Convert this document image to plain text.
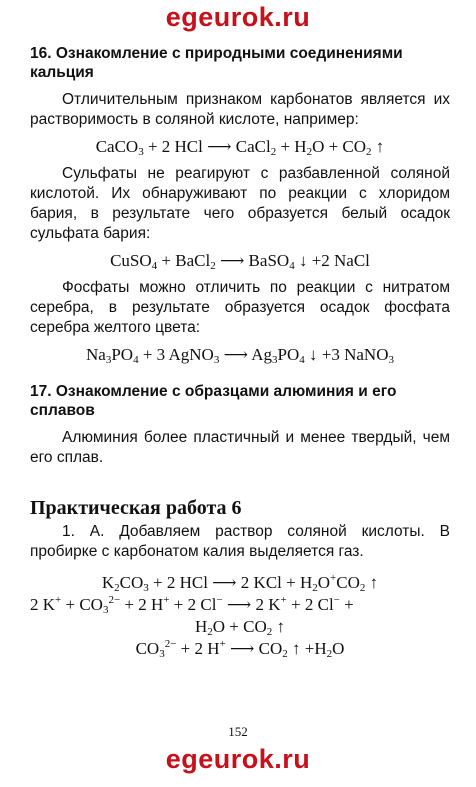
egeurok.ru

16. Ознакомление с природными соединениями кальция

Отличительным признаком карбонатов является их растворимость в соляной кислоте, например:

CaCO$_3$ + 2 HCl ⟶ CaCl$_2$ + $H_2O + CO_2$ ↑

Сульфаты не реагируют с разбавленной соляной кислотой. Их обнаруживают по реакции с хлоридом бария, в результате чего образуется белый осадок сульфата бария:

CuSO$_4$ + BaCl$_2$ ⟶ BaSO$_4$ ↓ +2 NaCl

Фосфаты можно отличить по реакции с нитратом серебра, в результате образуется осадок фосфата серебра желтого цвета:

$Na_3PO_4 + 3$ AgNO$_3$ ⟶ $Ag_3PO_4$ ↓ +3 NaNO$_3$

17. Ознакомление с образцами алюминия и его сплавов

Алюминия более пластичный и менее твердый, чем его сплав.

Практическая работа 6

1. А. Добавляем раствор соляной кислоты. В пробирке с карбонатом калия выделяется газ.

$K_2CO_3 + 2$ HCl ⟶ 2 KCl + $H_2O^+CO_2$ ↑
2 $K^+ + CO_3^{2-} + 2$ H+ + 2 Cl− ⟶ 2 K+ + 2 Cl− +
$H_2O + CO_2$ ↑
$CO_3^{2-} + 2$ H+ ⟶ $CO_2$ ↑ $+H_2O$
152
egeurok.ru
